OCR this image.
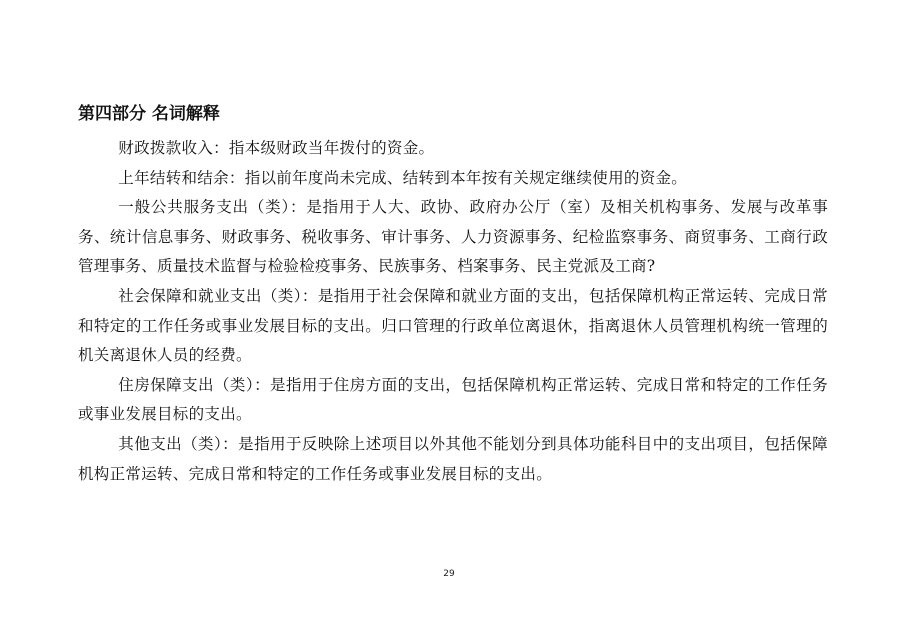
第四部分 名词解释

财政拨款收入：指本级财政当年拨付的资金。

上年结转和结余：指以前年度尚未完成、结转到本年按有关规定继续使用的资金。

一般公共服务支出（类）：是指用于人大、政协、政府办公厅（室）及相关机构事务、发展与改革事务、统计信息事务、财政事务、税收事务、审计事务、人力资源事务、纪检监察事务、商贸事务、工商行政管理事务、质量技术监督与检验检疫事务、民族事务、档案事务、民主党派及工商?

社会保障和就业支出（类）：是指用于社会保障和就业方面的支出，包括保障机构正常运转、完成日常和特定的工作任务或事业发展目标的支出。归口管理的行政单位离退休，指离退休人员管理机构统一管理的机关离退休人员的经费。

住房保障支出（类）：是指用于住房方面的支出，包括保障机构正常运转、完成日常和特定的工作任务或事业发展目标的支出。

其他支出（类）：是指用于反映除上述项目以外其他不能划分到具体功能科目中的支出项目，包括保障机构正常运转、完成日常和特定的工作任务或事业发展目标的支出。

29
